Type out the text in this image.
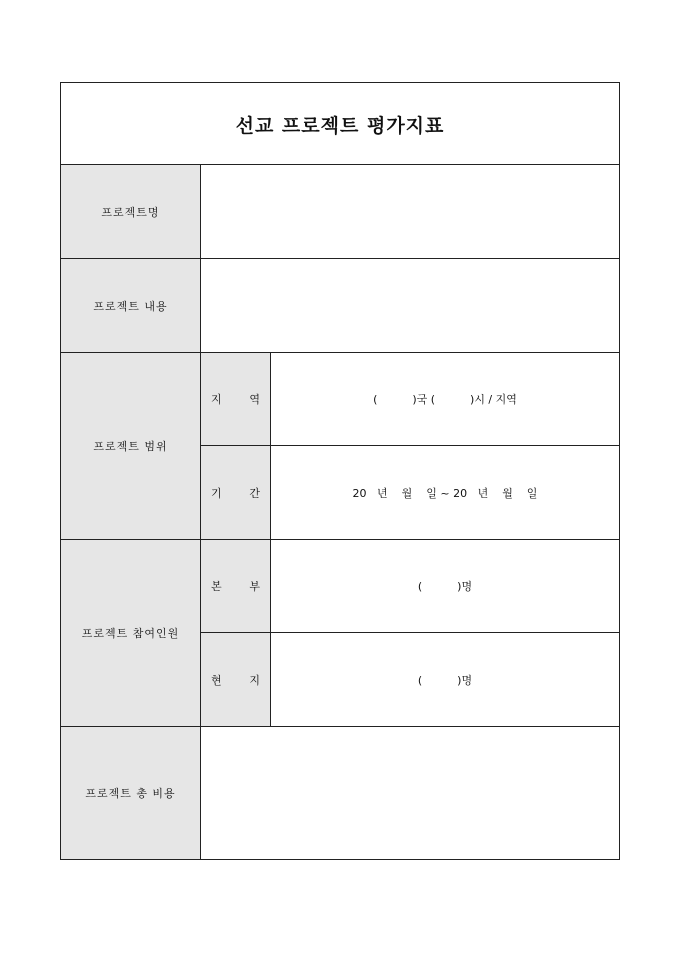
선교 프로젝트 평가지표
프로젝트명
프로젝트 내용
프로젝트 범위
지	역	(          )국 (          )시 / 지역
기	간	20   년    월    일 ~ 20   년    월    일
프로젝트 참여인원
본	부	(          )명
현	지	(          )명
프로젝트 총 비용
